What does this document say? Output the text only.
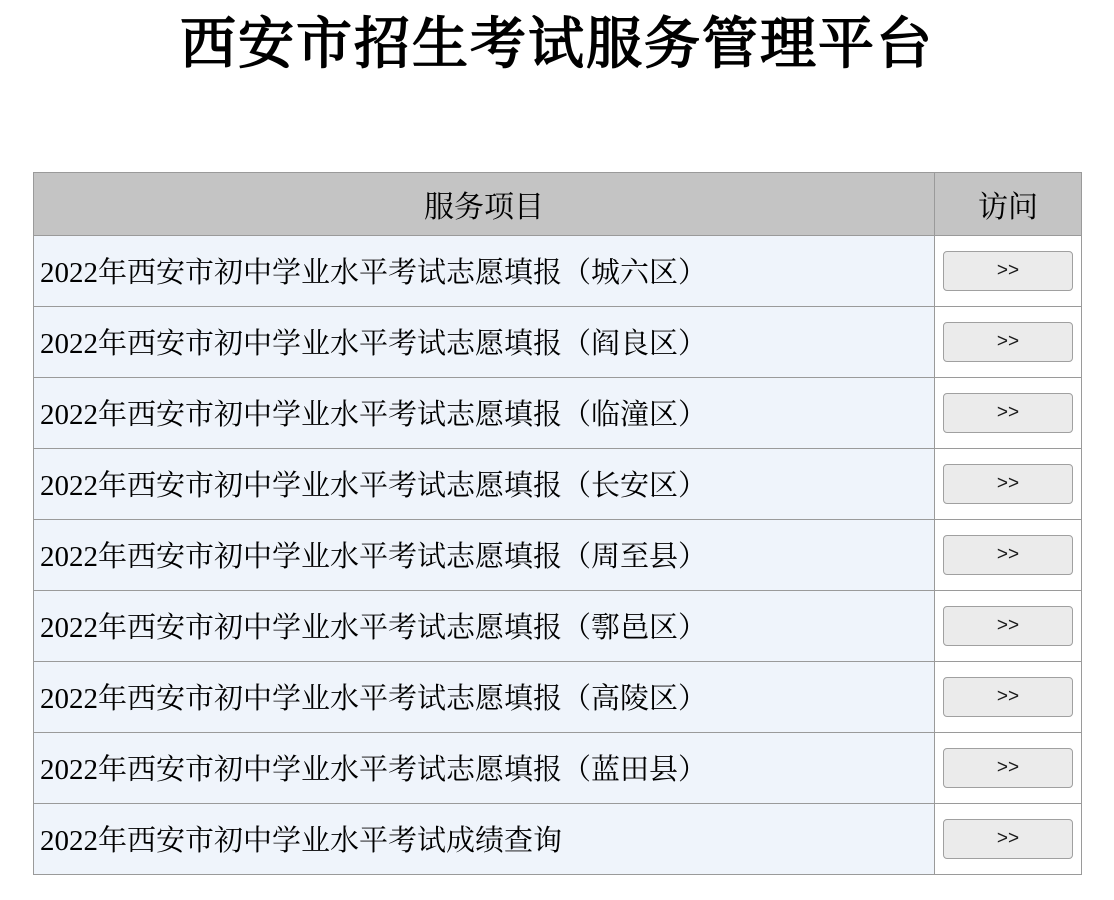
西安市招生考试服务管理平台
服务项目	访问
2022年西安市初中学业水平考试志愿填报（城六区）	>>
2022年西安市初中学业水平考试志愿填报（阎良区）	>>
2022年西安市初中学业水平考试志愿填报（临潼区）	>>
2022年西安市初中学业水平考试志愿填报（长安区）	>>
2022年西安市初中学业水平考试志愿填报（周至县）	>>
2022年西安市初中学业水平考试志愿填报（鄠邑区）	>>
2022年西安市初中学业水平考试志愿填报（高陵区）	>>
2022年西安市初中学业水平考试志愿填报（蓝田县）	>>
2022年西安市初中学业水平考试成绩查询	>>
